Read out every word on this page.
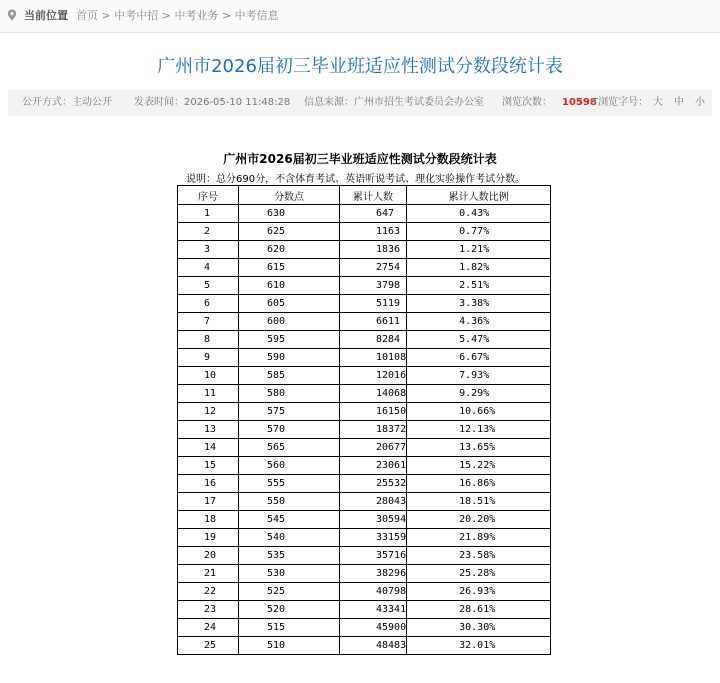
当前位置 首页 > 中考中招 > 中考业务 > 中考信息
广州市2026届初三毕业班适应性测试分数段统计表
公开方式：主动公开 发表时间：2026-05-10 11:48:28 信息来源：广州市招生考试委员会办公室 浏览次数： 10598
T浏览字号： 大 中 小
广州市2026届初三毕业班适应性测试分数段统计表
说明：总分690分，不含体育考试、英语听说考试、理化实验操作考试分数。
序号	分数点	累计人数	累计人数比例
1	630	647	0.43%
2	625	1163	0.77%
3	620	1836	1.21%
4	615	2754	1.82%
5	610	3798	2.51%
6	605	5119	3.38%
7	600	6611	4.36%
8	595	8284	5.47%
9	590	10108	6.67%
10	585	12016	7.93%
11	580	14068	9.29%
12	575	16150	10.66%
13	570	18372	12.13%
14	565	20677	13.65%
15	560	23061	15.22%
16	555	25532	16.86%
17	550	28043	18.51%
18	545	30594	20.20%
19	540	33159	21.89%
20	535	35716	23.58%
21	530	38296	25.28%
22	525	40798	26.93%
23	520	43341	28.61%
24	515	45900	30.30%
25	510	48483	32.01%
